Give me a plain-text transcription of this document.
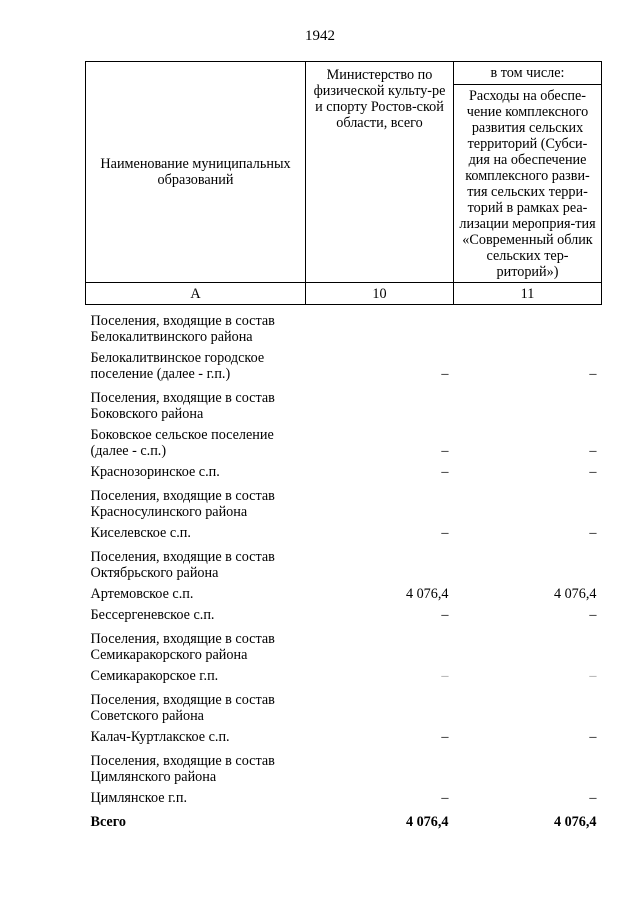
1942
Наименование муниципальных образований	Министерство по физической культу-ре и спорту Ростов-ской области, всего	в том числе:
		Расходы на обеспе-чение комплексного развития сельских территорий (Субси-дия на обеспечение комплексного разви-тия сельских терри-торий в рамках реа-лизации мероприя-тия «Современный облик сельских тер-риторий»)
А	10	11
Поселения, входящие в состав Белокалитвинского района		
Белокалитвинское городское поселение (далее - г.п.)	–	–
Поселения, входящие в состав Боковского района		
Боковское сельское поселение (далее - с.п.)	–	–
Краснозоринское с.п.	–	–
Поселения, входящие в состав Красносулинского района		
Киселевское с.п.	–	–
Поселения, входящие в состав Октябрьского района		
Артемовское с.п.	4 076,4	4 076,4
Бессергеневское с.п.	–	–
Поселения, входящие в состав Семикаракорского района		
Семикаракорское г.п.	–	–
Поселения, входящие в состав Советского района		
Калач-Куртлакское с.п.	–	–
Поселения, входящие в состав Цимлянского района		
Цимлянское г.п.	–	–
Всего	4 076,4	4 076,4
